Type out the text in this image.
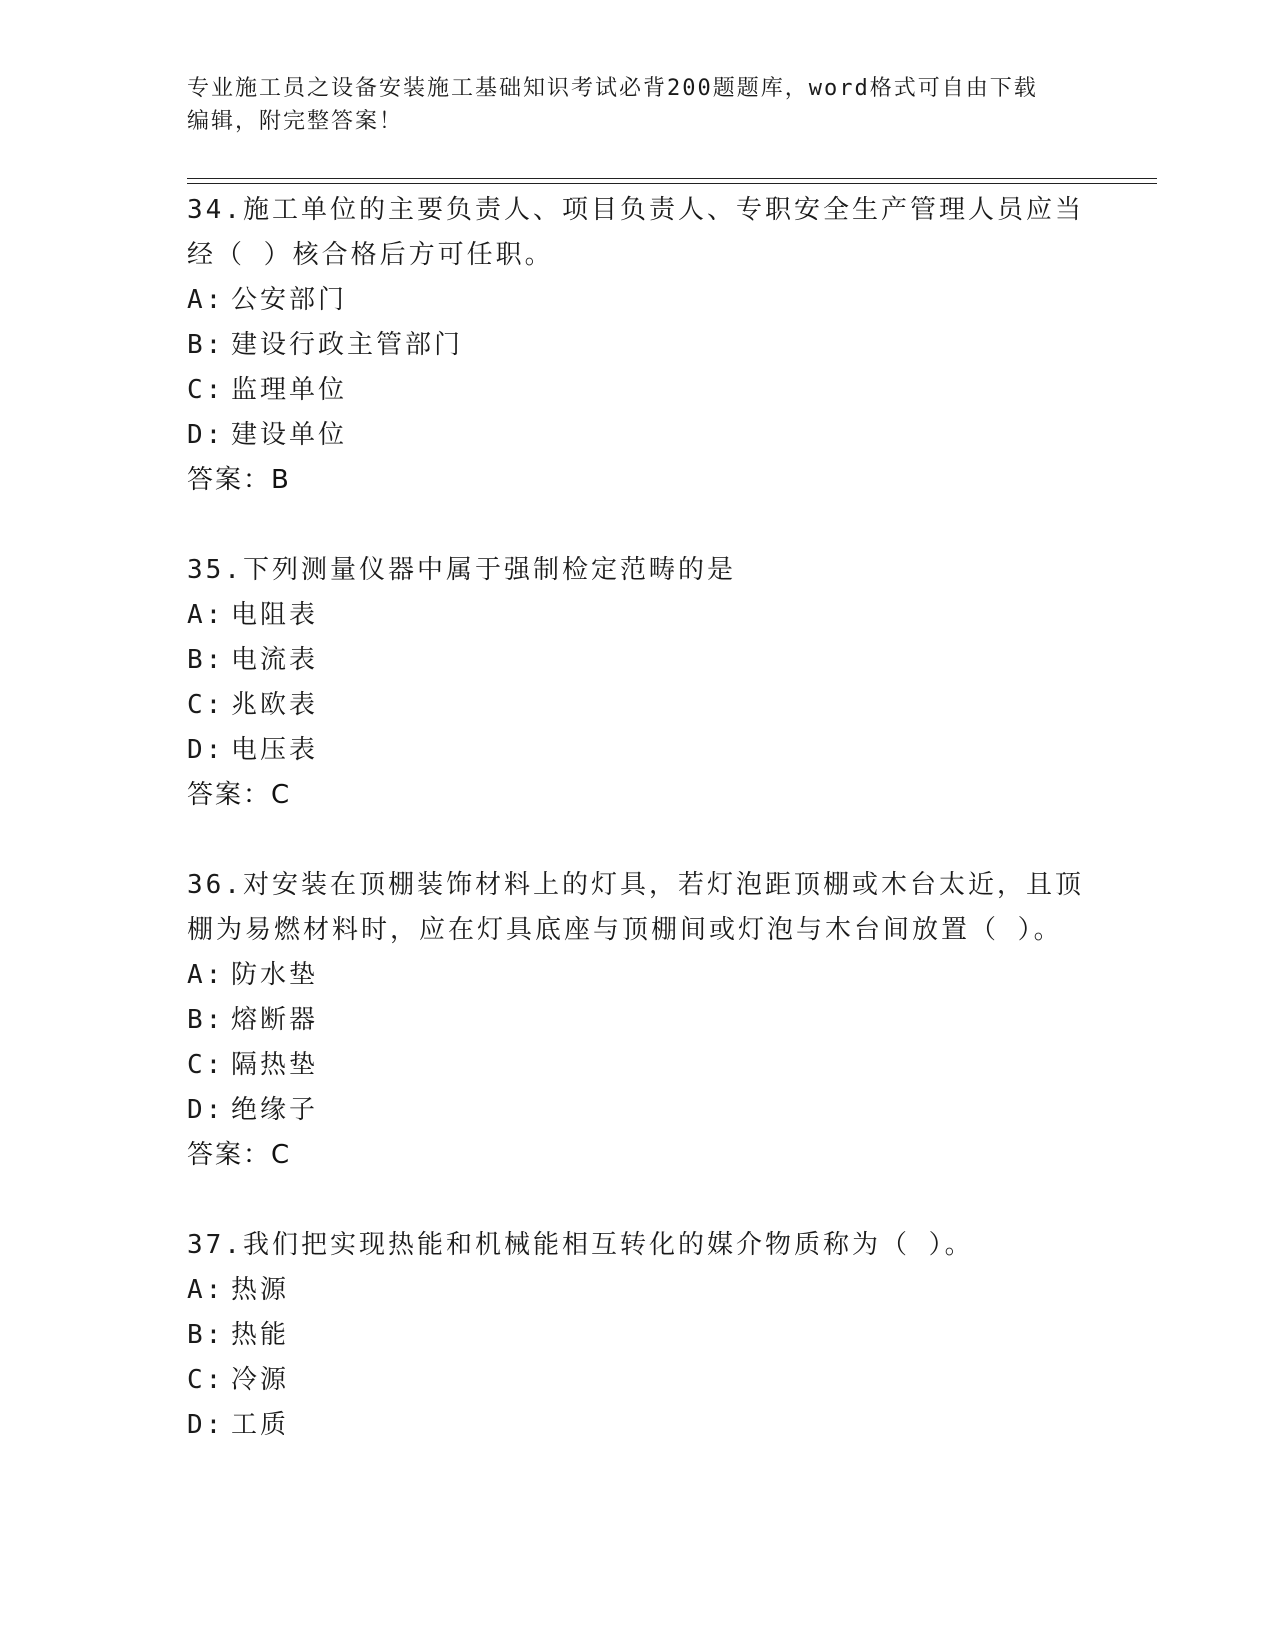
专业施工员之设备安装施工基础知识考试必背200题题库，word格式可自由下载
编辑，附完整答案！
34.施工单位的主要负责人、项目负责人、专职安全生产管理人员应当
经（ ）核合格后方可任职。
A: 公安部门
B: 建设行政主管部门
C: 监理单位
D: 建设单位
答案：B
35.下列测量仪器中属于强制检定范畴的是
A: 电阻表
B: 电流表
C: 兆欧表
D: 电压表
答案：C
36.对安装在顶棚装饰材料上的灯具，若灯泡距顶棚或木台太近，且顶
棚为易燃材料时，应在灯具底座与顶棚间或灯泡与木台间放置（ ）。
A: 防水垫
B: 熔断器
C: 隔热垫
D: 绝缘子
答案：C
37.我们把实现热能和机械能相互转化的媒介物质称为（ ）。
A: 热源
B: 热能
C: 冷源
D: 工质
